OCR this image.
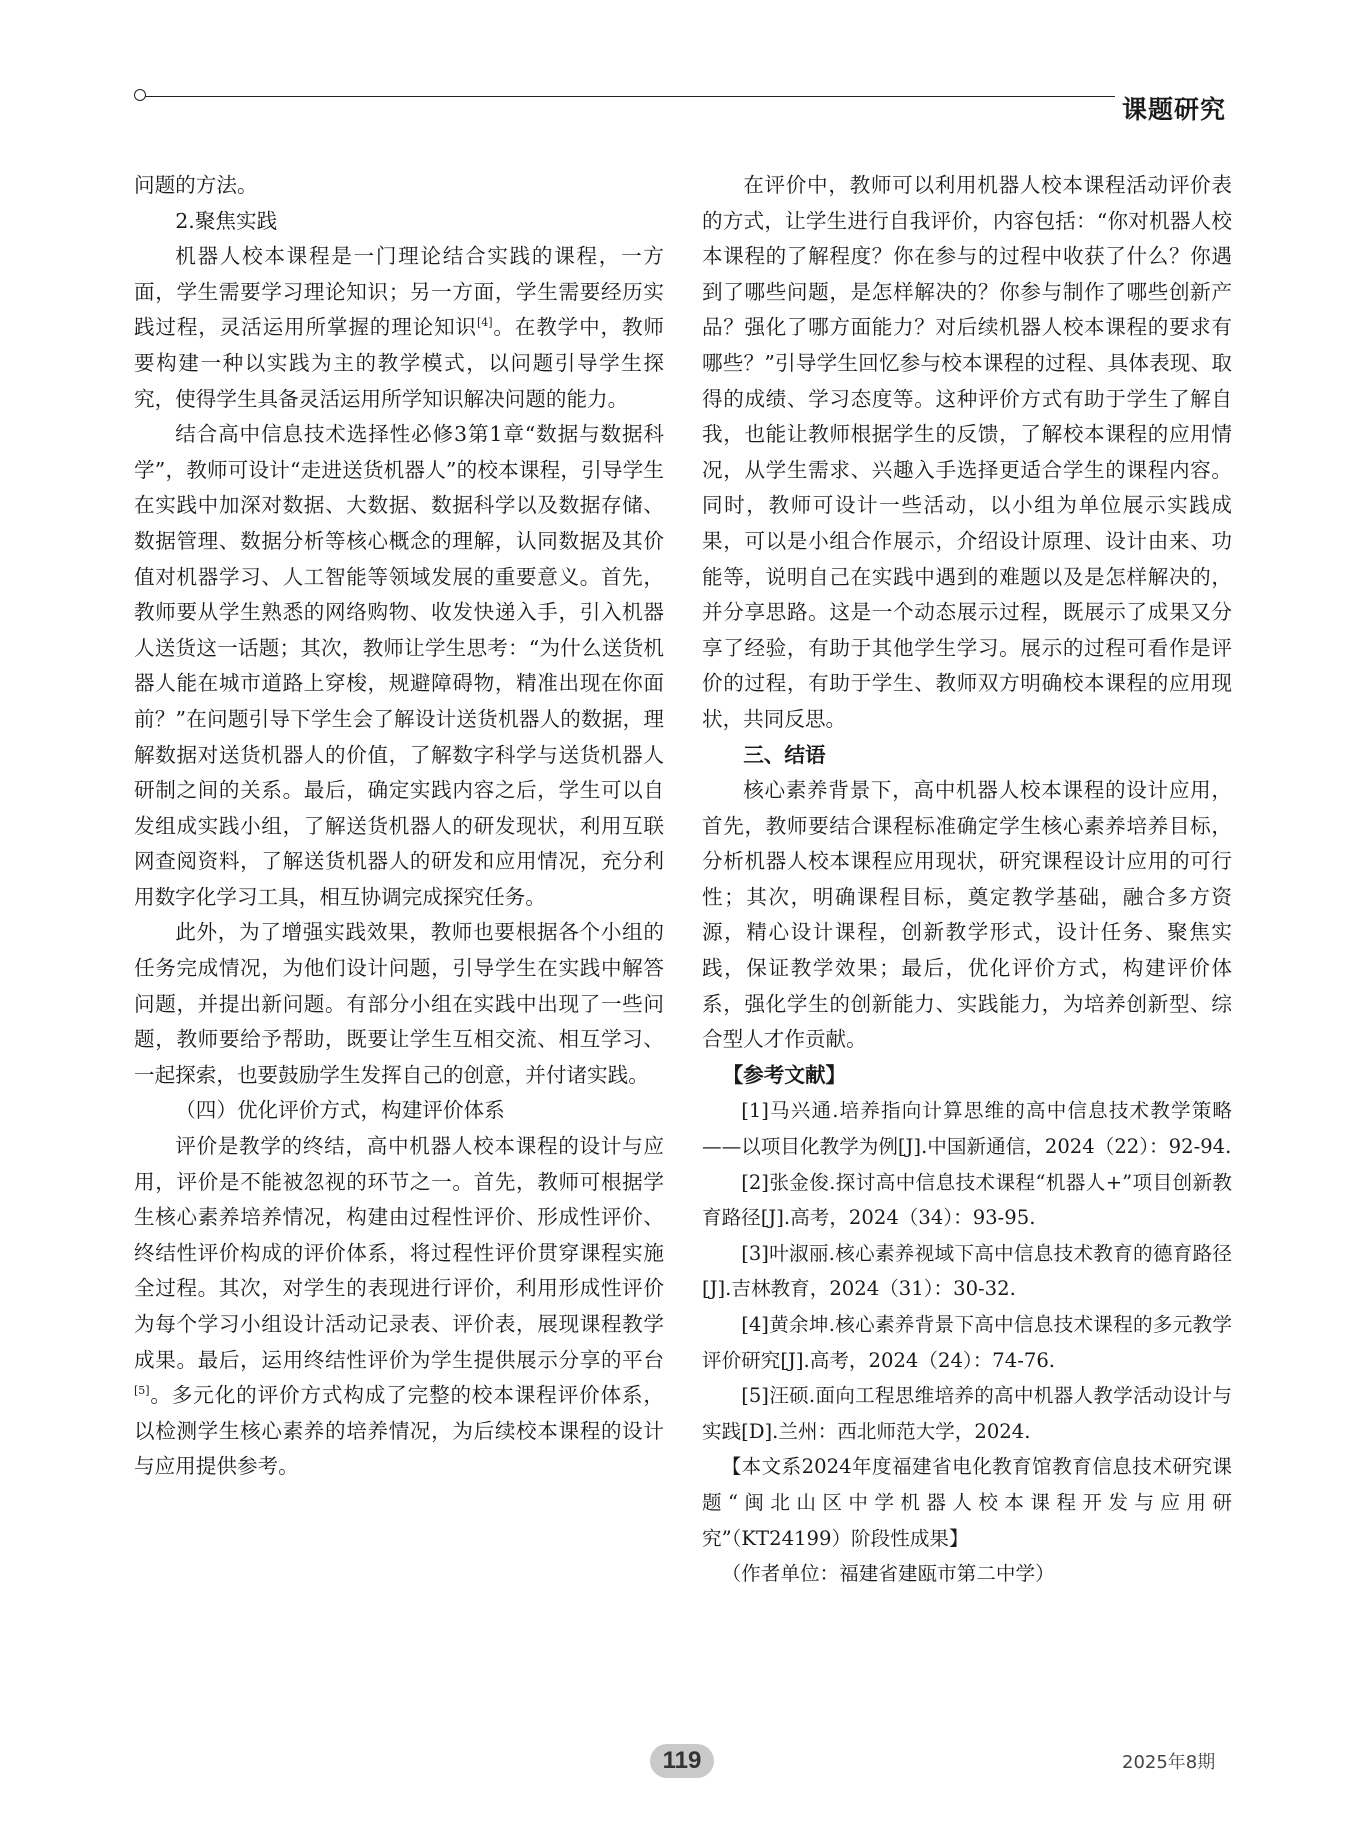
课题研究

问题的方法。

2.聚焦实践

机器人校本课程是一门理论结合实践的课程，一方面，学生需要学习理论知识；另一方面，学生需要经历实践过程，灵活运用所掌握的理论知识[4]。在教学中，教师要构建一种以实践为主的教学模式，以问题引导学生探究，使得学生具备灵活运用所学知识解决问题的能力。

结合高中信息技术选择性必修3第1章“数据与数据科学”，教师可设计“走进送货机器人”的校本课程，引导学生在实践中加深对数据、大数据、数据科学以及数据存储、数据管理、数据分析等核心概念的理解，认同数据及其价值对机器学习、人工智能等领域发展的重要意义。首先，教师要从学生熟悉的网络购物、收发快递入手，引入机器人送货这一话题；其次，教师让学生思考：“为什么送货机器人能在城市道路上穿梭，规避障碍物，精准出现在你面前？”在问题引导下学生会了解设计送货机器人的数据，理解数据对送货机器人的价值，了解数字科学与送货机器人研制之间的关系。最后，确定实践内容之后，学生可以自发组成实践小组，了解送货机器人的研发现状，利用互联网查阅资料，了解送货机器人的研发和应用情况，充分利用数字化学习工具，相互协调完成探究任务。

此外，为了增强实践效果，教师也要根据各个小组的任务完成情况，为他们设计问题，引导学生在实践中解答问题，并提出新问题。有部分小组在实践中出现了一些问题，教师要给予帮助，既要让学生互相交流、相互学习、一起探索，也要鼓励学生发挥自己的创意，并付诸实践。

（四）优化评价方式，构建评价体系

评价是教学的终结，高中机器人校本课程的设计与应用，评价是不能被忽视的环节之一。首先，教师可根据学生核心素养培养情况，构建由过程性评价、形成性评价、终结性评价构成的评价体系，将过程性评价贯穿课程实施全过程。其次，对学生的表现进行评价，利用形成性评价为每个学习小组设计活动记录表、评价表，展现课程教学成果。最后，运用终结性评价为学生提供展示分享的平台[5]。多元化的评价方式构成了完整的校本课程评价体系，以检测学生核心素养的培养情况，为后续校本课程的设计与应用提供参考。

在评价中，教师可以利用机器人校本课程活动评价表的方式，让学生进行自我评价，内容包括：“你对机器人校本课程的了解程度？你在参与的过程中收获了什么？你遇到了哪些问题，是怎样解决的？你参与制作了哪些创新产品？强化了哪方面能力？对后续机器人校本课程的要求有哪些？”引导学生回忆参与校本课程的过程、具体表现、取得的成绩、学习态度等。这种评价方式有助于学生了解自我，也能让教师根据学生的反馈，了解校本课程的应用情况，从学生需求、兴趣入手选择更适合学生的课程内容。同时，教师可设计一些活动，以小组为单位展示实践成果，可以是小组合作展示，介绍设计原理、设计由来、功能等，说明自己在实践中遇到的难题以及是怎样解决的，并分享思路。这是一个动态展示过程，既展示了成果又分享了经验，有助于其他学生学习。展示的过程可看作是评价的过程，有助于学生、教师双方明确校本课程的应用现状，共同反思。

三、结语

核心素养背景下，高中机器人校本课程的设计应用，首先，教师要结合课程标准确定学生核心素养培养目标，分析机器人校本课程应用现状，研究课程设计应用的可行性；其次，明确课程目标，奠定教学基础，融合多方资源，精心设计课程，创新教学形式，设计任务、聚焦实践，保证教学效果；最后，优化评价方式，构建评价体系，强化学生的创新能力、实践能力，为培养创新型、综合型人才作贡献。

【参考文献】

[1]马兴通.培养指向计算思维的高中信息技术教学策略——以项目化教学为例[J].中国新通信，2024（22）：92-94.

[2]张金俊.探讨高中信息技术课程“机器人+”项目创新教育路径[J].高考，2024（34）：93-95.

[3]叶淑丽.核心素养视域下高中信息技术教育的德育路径[J].吉林教育，2024（31）：30-32.

[4]黄余坤.核心素养背景下高中信息技术课程的多元教学评价研究[J].高考，2024（24）：74-76.

[5]汪硕.面向工程思维培养的高中机器人教学活动设计与实践[D].兰州：西北师范大学，2024.

【本文系2024年度福建省电化教育馆教育信息技术研究课题“闽北山区中学机器人校本课程开发与应用研究”（KT24199）阶段性成果】

（作者单位：福建省建瓯市第二中学）

119	2025年8期
